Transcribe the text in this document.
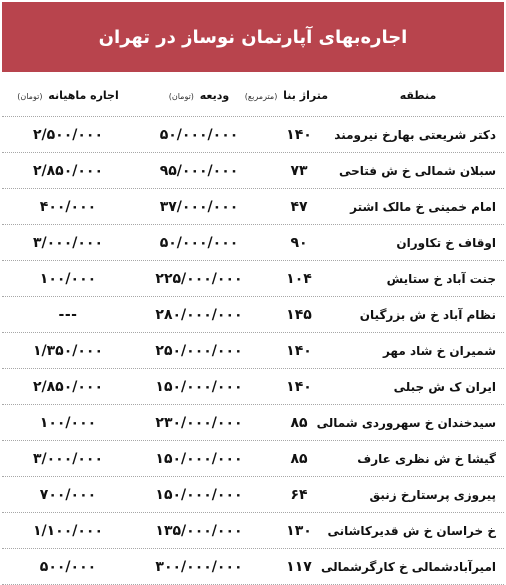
اجاره‌بهای آپارتمان نوساز در تهران
منطقه
متراژ بنا (مترمربع)
ودیعه (تومان)
اجاره ماهیانه (تومان)
دکتر شریعتی بهارخ نیرومند
۱۴۰
۵۰/۰۰۰/۰۰۰
۲/۵۰۰/۰۰۰
سبلان شمالی خ ش فتاحی
۷۳
۹۵/۰۰۰/۰۰۰
۲/۸۵۰/۰۰۰
امام خمینی خ مالک اشتر
۴۷
۳۷/۰۰۰/۰۰۰
۴۰۰/۰۰۰
اوقاف خ تکاوران
۹۰
۵۰/۰۰۰/۰۰۰
۳/۰۰۰/۰۰۰
جنت آباد خ ستایش
۱۰۴
۲۲۵/۰۰۰/۰۰۰
۱۰۰/۰۰۰
نظام آباد خ ش بزرگیان
۱۴۵
۲۸۰/۰۰۰/۰۰۰
---
شمیران خ شاد مهر
۱۴۰
۲۵۰/۰۰۰/۰۰۰
۱/۳۵۰/۰۰۰
ایران ک ش جبلی
۱۴۰
۱۵۰/۰۰۰/۰۰۰
۲/۸۵۰/۰۰۰
سیدخندان خ سهروردی شمالی
۸۵
۲۳۰/۰۰۰/۰۰۰
۱۰۰/۰۰۰
گیشا خ ش نظری عارف
۸۵
۱۵۰/۰۰۰/۰۰۰
۳/۰۰۰/۰۰۰
پیروزی پرستارخ زنبق
۶۴
۱۵۰/۰۰۰/۰۰۰
۷۰۰/۰۰۰
خ خراسان خ ش قدیرکاشانی
۱۳۰
۱۳۵/۰۰۰/۰۰۰
۱/۱۰۰/۰۰۰
امیرآبادشمالی خ کارگرشمالی
۱۱۷
۳۰۰/۰۰۰/۰۰۰
۵۰۰/۰۰۰
